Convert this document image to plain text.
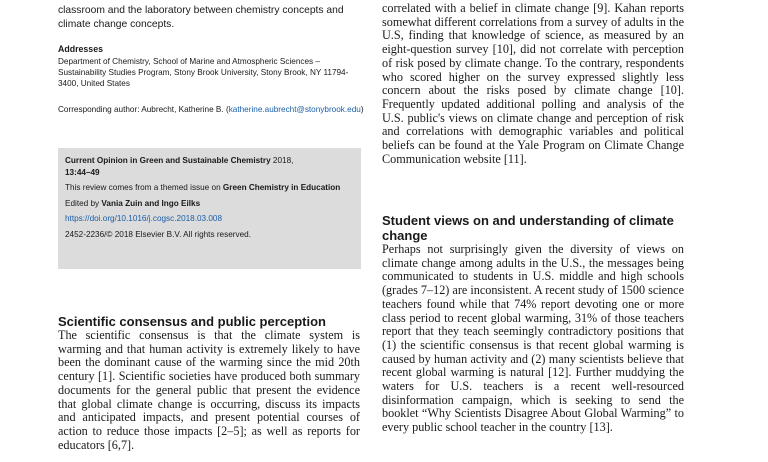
classroom and the laboratory between chemistry concepts and climate change concepts.

Addresses
Department of Chemistry, School of Marine and Atmospheric Sciences – Sustainability Studies Program, Stony Brook University, Stony Brook, NY 11794-3400, United States
Corresponding author: Aubrecht, Katherine B. (katherine.aubrecht@stonybrook.edu)

Current Opinion in Green and Sustainable Chemistry 2018,
13:44–49

This review comes from a themed issue on Green Chemistry in Education

Edited by Vania Zuin and Ingo Eilks

https://doi.org/10.1016/j.cogsc.2018.03.008

2452-2236/© 2018 Elsevier B.V. All rights reserved.

Scientific consensus and public perception

The scientific consensus is that the climate system is warming and that human activity is extremely likely to have been the dominant cause of the warming since the mid 20th century [1]. Scientific societies have produced both summary documents for the general public that present the evidence that global climate change is occurring, discuss its impacts and anticipated impacts, and present potential courses of action to reduce those impacts [2–5]; as well as reports for educators [6,7].

correlated with a belief in climate change [9]. Kahan reports somewhat different correlations from a survey of adults in the U.S, finding that knowledge of science, as measured by an eight-question survey [10], did not correlate with perception of risk posed by climate change. To the contrary, respondents who scored higher on the survey expressed slightly less concern about the risks posed by climate change [10]. Frequently updated additional polling and analysis of the U.S. public's views on climate change and perception of risk and correlations with demographic variables and political beliefs can be found at the Yale Program on Climate Change Communication website [11].

Student views on and understanding of climate change

Perhaps not surprisingly given the diversity of views on climate change among adults in the U.S., the messages being communicated to students in U.S. middle and high schools (grades 7–12) are inconsistent. A recent study of 1500 science teachers found while that 74% report devoting one or more class period to recent global warming, 31% of those teachers report that they teach seemingly contradictory positions that (1) the scientific consensus is that recent global warming is caused by human activity and (2) many scientists believe that recent global warming is natural [12]. Further muddying the waters for U.S. teachers is a recent well-resourced disinformation campaign, which is seeking to send the booklet “Why Scientists Disagree About Global Warming” to every public school teacher in the country [13].
